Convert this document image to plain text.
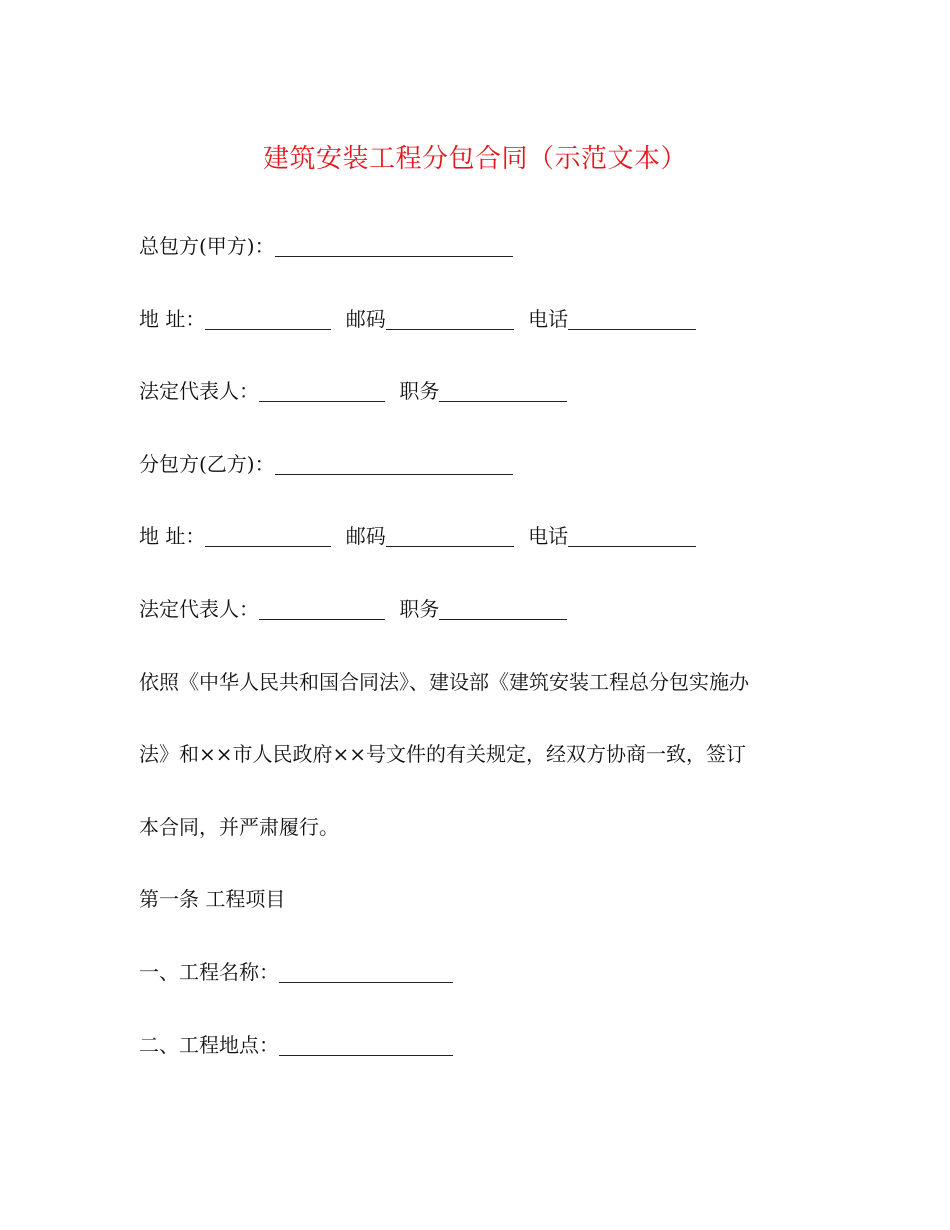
建筑安装工程分包合同（示范文本）
总包方(甲方)：
地 址：	邮码	电话
法定代表人：	职务
分包方(乙方)：
地 址：	邮码	电话
法定代表人：	职务
依照《中华人民共和国合同法》、建设部《建筑安装工程总分包实施办
法》和××市人民政府××号文件的有关规定，经双方协商一致，签订
本合同，并严肃履行。
第一条 工程项目
一、工程名称：
二、工程地点：
